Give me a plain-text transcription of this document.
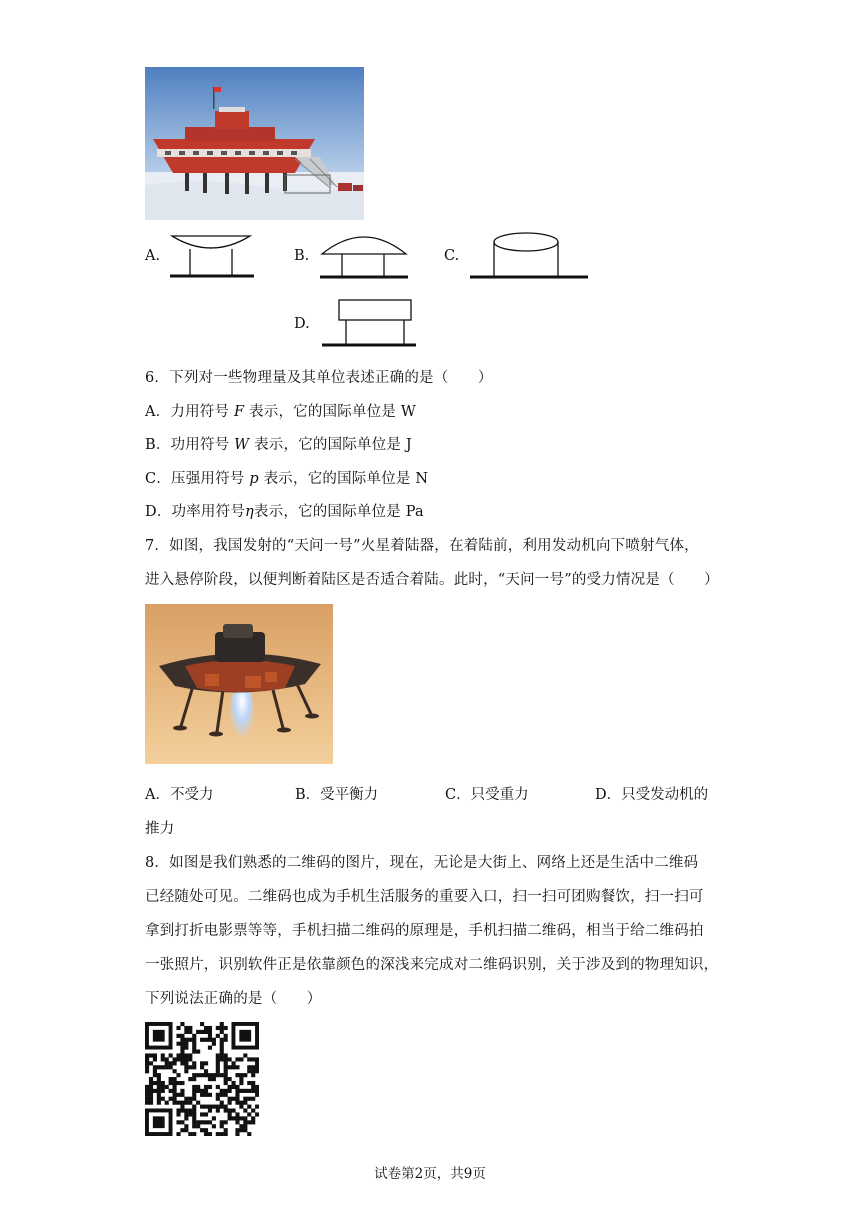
A.	B.	C.
D.
6．下列对一些物理量及其单位表述正确的是（　　）
A．力用符号 F 表示，它的国际单位是 W
B．功用符号 W 表示，它的国际单位是 J
C．压强用符号 p 表示，它的国际单位是 N
D．功率用符号η表示，它的国际单位是 Pa
7．如图，我国发射的“天问一号”火星着陆器，在着陆前，利用发动机向下喷射气体，
进入悬停阶段，以便判断着陆区是否适合着陆。此时，“天问一号”的受力情况是（　　）
A．不受力	B．受平衡力	C．只受重力	D．只受发动机的
推力
8．如图是我们熟悉的二维码的图片，现在，无论是大街上、网络上还是生活中二维码
已经随处可见。二维码也成为手机生活服务的重要入口，扫一扫可团购餐饮，扫一扫可
拿到打折电影票等等，手机扫描二维码的原理是，手机扫描二维码，相当于给二维码拍
一张照片，识别软件正是依靠颜色的深浅来完成对二维码识别，关于涉及到的物理知识，
下列说法正确的是（　　）
试卷第2页，共9页
